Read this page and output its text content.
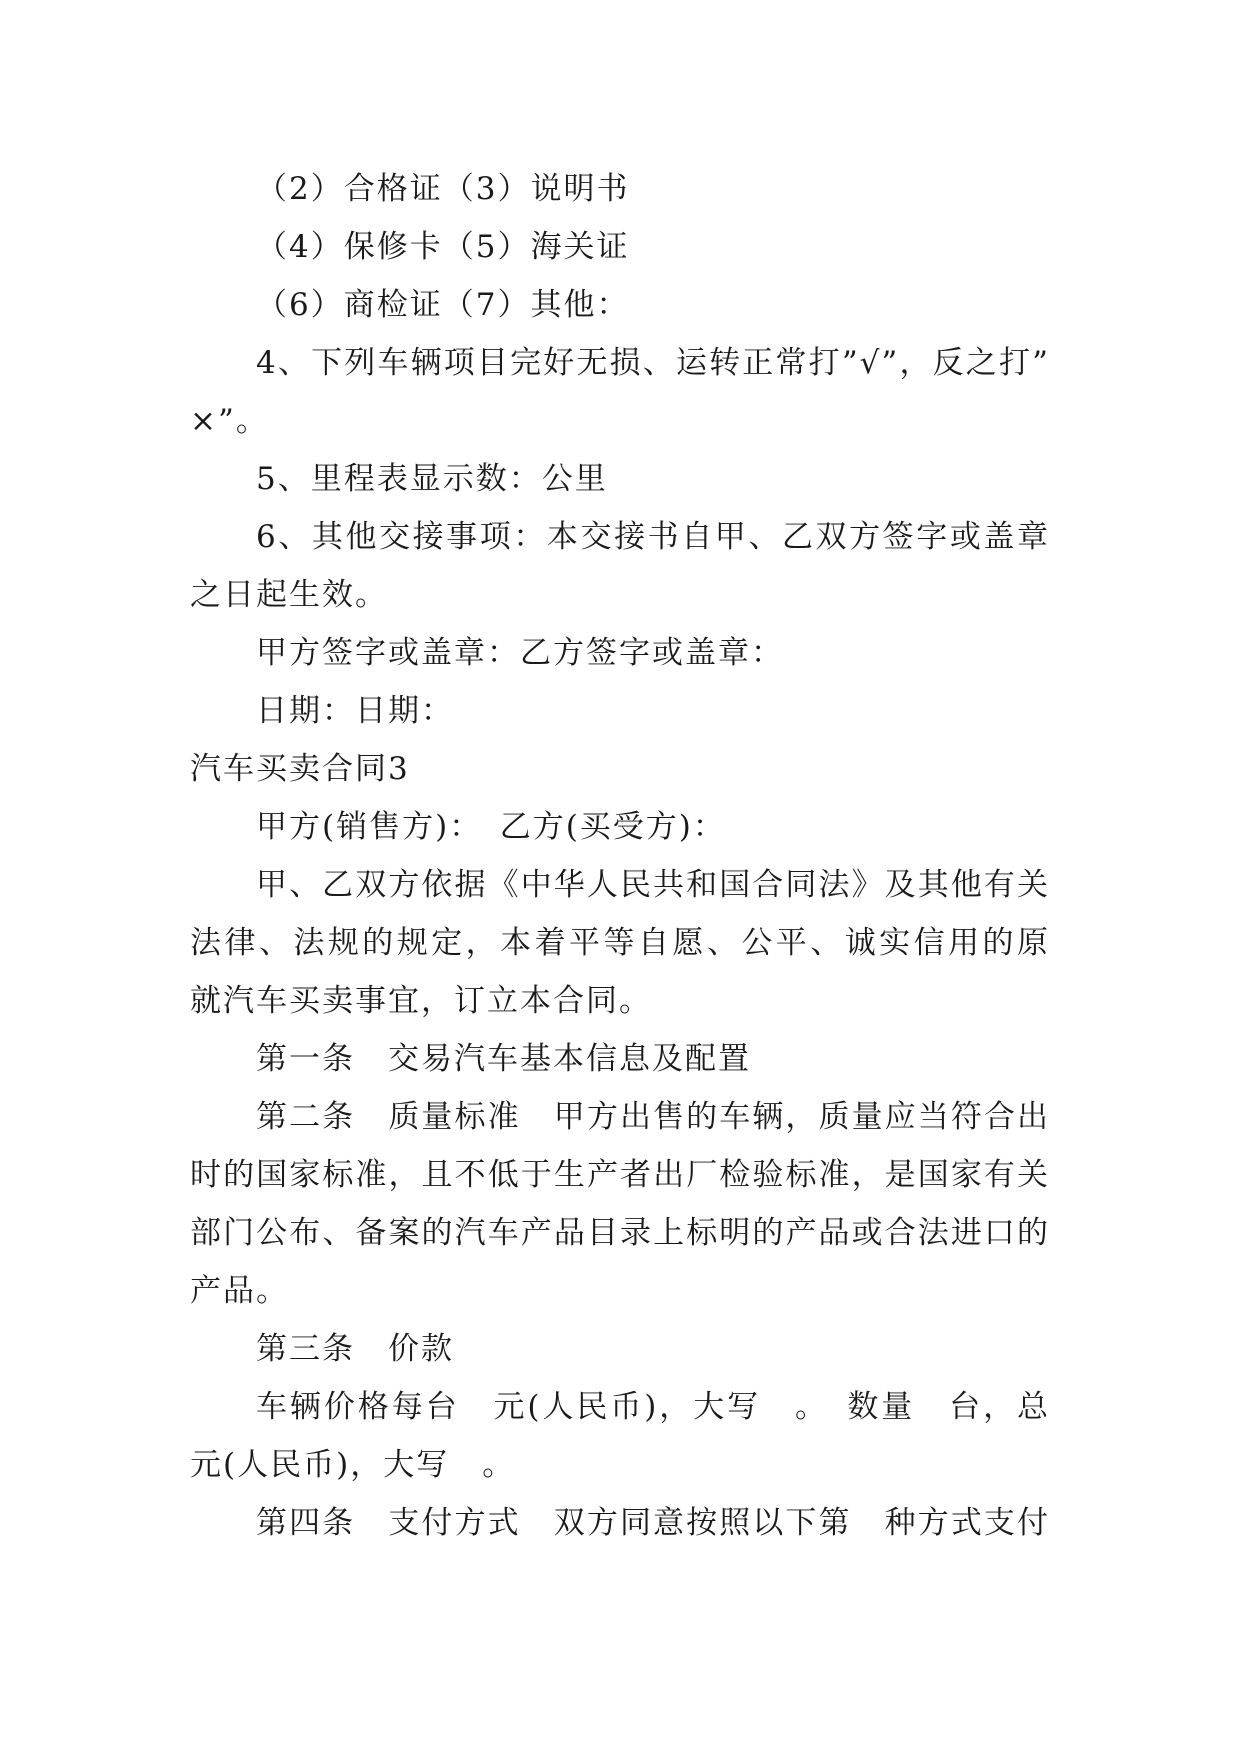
（2）合格证（3）说明书

（4）保修卡（5）海关证

（6）商检证（7）其他：

4、下列车辆项目完好无损、运转正常打”√”，反之打”

×”。

5、里程表显示数：公里

6、其他交接事项：本交接书自甲、乙双方签字或盖章

之日起生效。

甲方签字或盖章：乙方签字或盖章：

日期：日期：

汽车买卖合同3

甲方(销售方)：　乙方(买受方)：

甲、乙双方依据《中华人民共和国合同法》及其他有关

法律、法规的规定，本着平等自愿、公平、诚实信用的原

就汽车买卖事宜，订立本合同。

第一条　交易汽车基本信息及配置

第二条　质量标准　甲方出售的车辆，质量应当符合出

时的国家标准，且不低于生产者出厂检验标准，是国家有关

部门公布、备案的汽车产品目录上标明的产品或合法进口的

产品。

第三条　价款

车辆价格每台　元(人民币)，大写　。　数量　台，总

元(人民币)，大写　。

第四条　支付方式　双方同意按照以下第　种方式支付
